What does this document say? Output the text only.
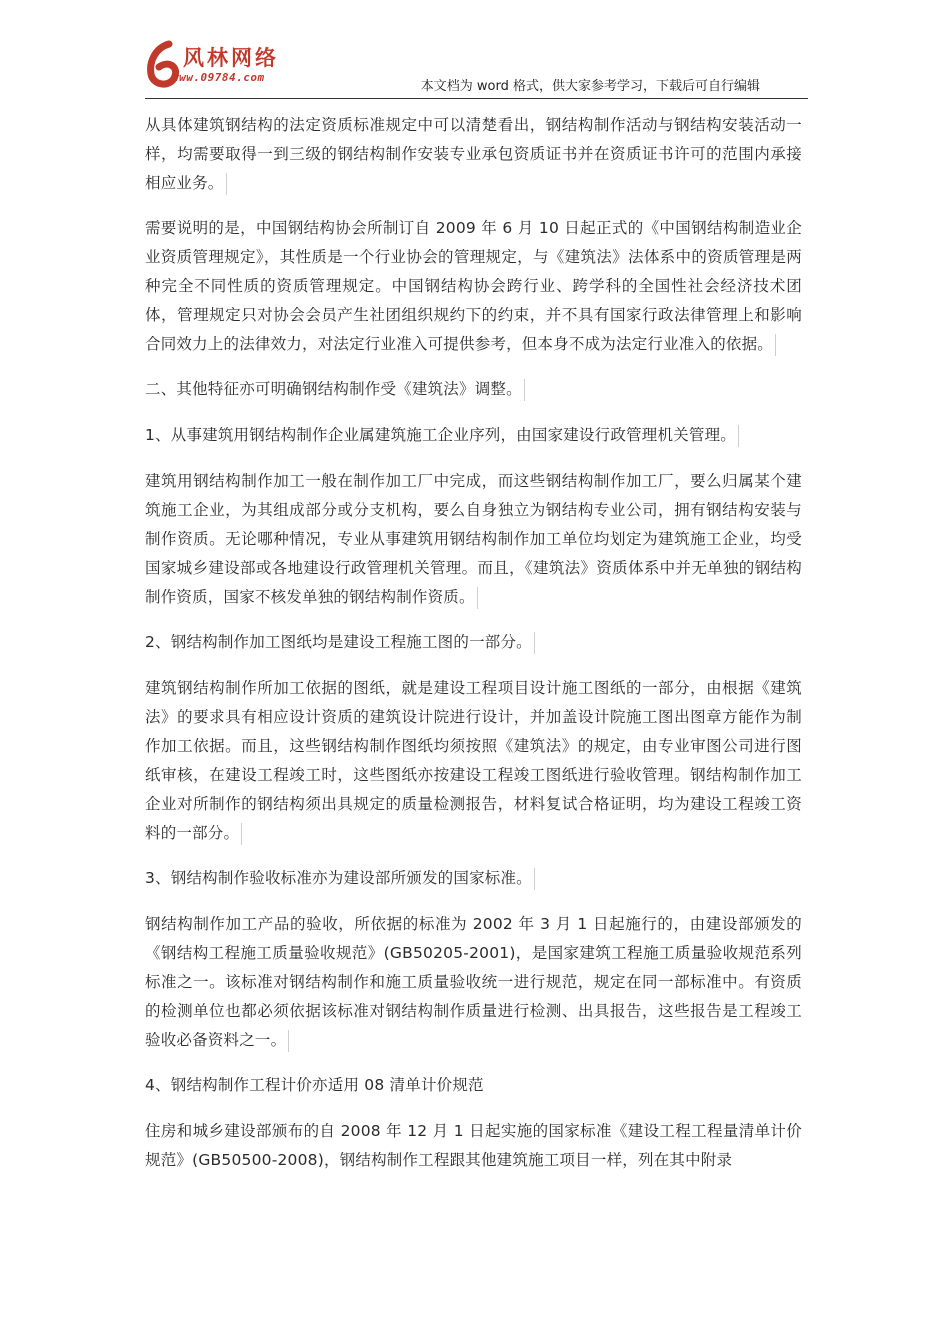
风林网络
www.09784.com
本文档为 word 格式，供大家参考学习，下载后可自行编辑

从具体建筑钢结构的法定资质标准规定中可以清楚看出，钢结构制作活动与钢结构安装活动一样，均需要取得一到三级的钢结构制作安装专业承包资质证书并在资质证书许可的范围内承接相应业务。

需要说明的是，中国钢结构协会所制订自 2009 年 6 月 10 日起正式的《中国钢结构制造业企业资质管理规定》，其性质是一个行业协会的管理规定，与《建筑法》法体系中的资质管理是两种完全不同性质的资质管理规定。中国钢结构协会跨行业、跨学科的全国性社会经济技术团体，管理规定只对协会会员产生社团组织规约下的约束，并不具有国家行政法律管理上和影响合同效力上的法律效力，对法定行业准入可提供参考，但本身不成为法定行业准入的依据。

二、其他特征亦可明确钢结构制作受《建筑法》调整。

1、从事建筑用钢结构制作企业属建筑施工企业序列，由国家建设行政管理机关管理。

建筑用钢结构制作加工一般在制作加工厂中完成，而这些钢结构制作加工厂，要么归属某个建筑施工企业，为其组成部分或分支机构，要么自身独立为钢结构专业公司，拥有钢结构安装与制作资质。无论哪种情况，专业从事建筑用钢结构制作加工单位均划定为建筑施工企业，均受国家城乡建设部或各地建设行政管理机关管理。而且，《建筑法》资质体系中并无单独的钢结构制作资质，国家不核发单独的钢结构制作资质。

2、钢结构制作加工图纸均是建设工程施工图的一部分。

建筑钢结构制作所加工依据的图纸，就是建设工程项目设计施工图纸的一部分，由根据《建筑法》的要求具有相应设计资质的建筑设计院进行设计，并加盖设计院施工图出图章方能作为制作加工依据。而且，这些钢结构制作图纸均须按照《建筑法》的规定，由专业审图公司进行图纸审核，在建设工程竣工时，这些图纸亦按建设工程竣工图纸进行验收管理。钢结构制作加工企业对所制作的钢结构须出具规定的质量检测报告，材料复试合格证明，均为建设工程竣工资料的一部分。

3、钢结构制作验收标准亦为建设部所颁发的国家标准。

钢结构制作加工产品的验收，所依据的标准为 2002 年 3 月 1 日起施行的，由建设部颁发的《钢结构工程施工质量验收规范》(GB50205-2001)，是国家建筑工程施工质量验收规范系列标准之一。该标准对钢结构制作和施工质量验收统一进行规范，规定在同一部标准中。有资质的检测单位也都必须依据该标准对钢结构制作质量进行检测、出具报告，这些报告是工程竣工验收必备资料之一。

4、钢结构制作工程计价亦适用 08 清单计价规范

住房和城乡建设部颁布的自 2008 年 12 月 1 日起实施的国家标准《建设工程工程量清单计价规范》(GB50500-2008)，钢结构制作工程跟其他建筑施工项目一样，列在其中附录
